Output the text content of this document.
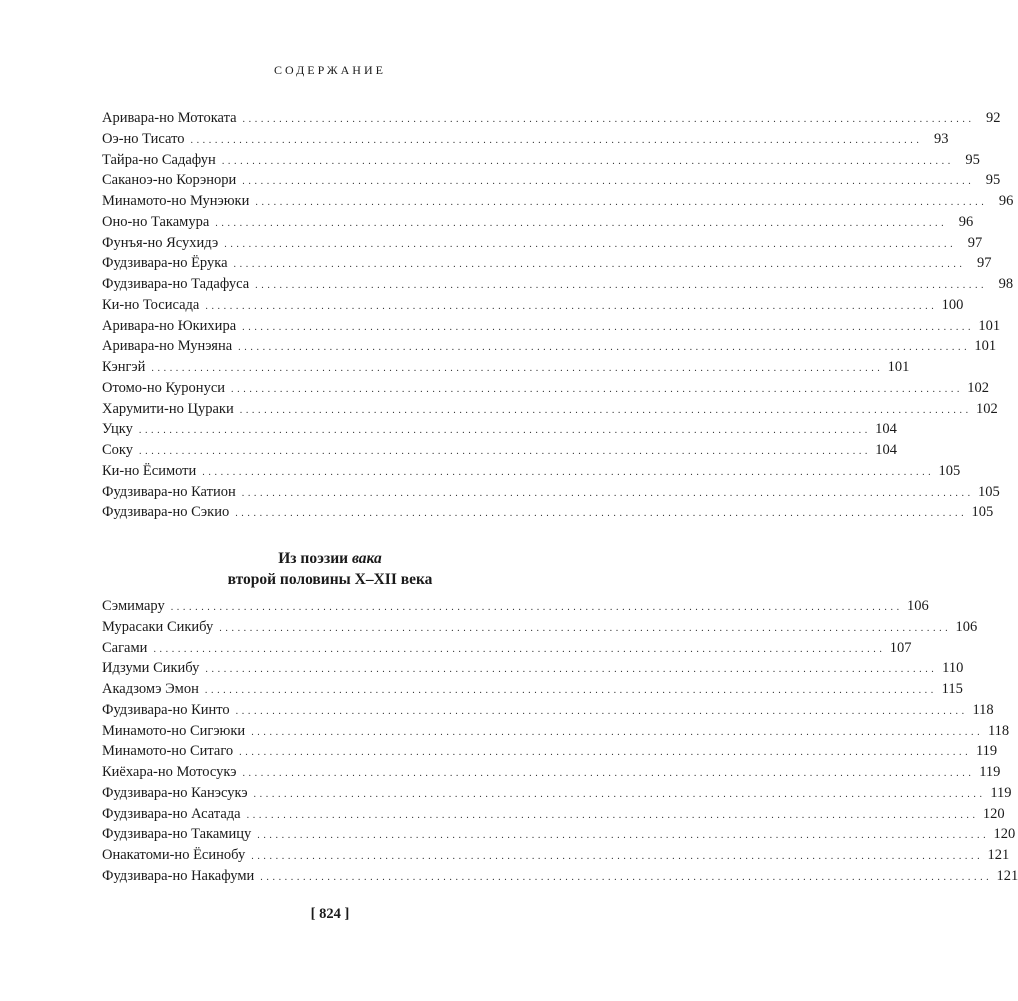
СОДЕРЖАНИЕ
Аривара-но Мотоката ........................................................................................................................ 92
Оэ-но Тисато ........................................................................................................................ 93
Тайра-но Садафун ........................................................................................................................ 95
Саканоэ-но Корэнори ........................................................................................................................ 95
Минамото-но Мунэюки ........................................................................................................................ 96
Оно-но Такамура ........................................................................................................................ 96
Фунъя-но Ясухидэ ........................................................................................................................ 97
Фудзивара-но Ёрука ........................................................................................................................ 97
Фудзивара-но Тадафуса ........................................................................................................................ 98
Ки-но Тосисада ........................................................................................................................ 100
Аривара-но Юкихира ........................................................................................................................ 101
Аривара-но Мунэяна ........................................................................................................................ 101
Кэнгэй ........................................................................................................................ 101
Отомо-но Куронуси ........................................................................................................................ 102
Харумити-но Цураки ........................................................................................................................ 102
Уцку ........................................................................................................................ 104
Соку ........................................................................................................................ 104
Ки-но Ёсимоти ........................................................................................................................ 105
Фудзивара-но Катион ........................................................................................................................ 105
Фудзивара-но Сэкио ........................................................................................................................ 105
Из поэзии вака
второй половины X–XII века
Сэмимару ........................................................................................................................ 106
Мурасаки Сикибу ........................................................................................................................ 106
Сагами ........................................................................................................................ 107
Идзуми Сикибу ........................................................................................................................ 110
Акадзомэ Эмон ........................................................................................................................ 115
Фудзивара-но Кинто ........................................................................................................................ 118
Минамото-но Сигэюки ........................................................................................................................ 118
Минамото-но Ситаго ........................................................................................................................ 119
Киёхара-но Мотосукэ ........................................................................................................................ 119
Фудзивара-но Канэсукэ ........................................................................................................................ 119
Фудзивара-но Асатада ........................................................................................................................ 120
Фудзивара-но Такамицу ........................................................................................................................ 120
Онакатоми-но Ёсинобу ........................................................................................................................ 121
Фудзивара-но Накафуми ........................................................................................................................ 121
[ 824 ]
